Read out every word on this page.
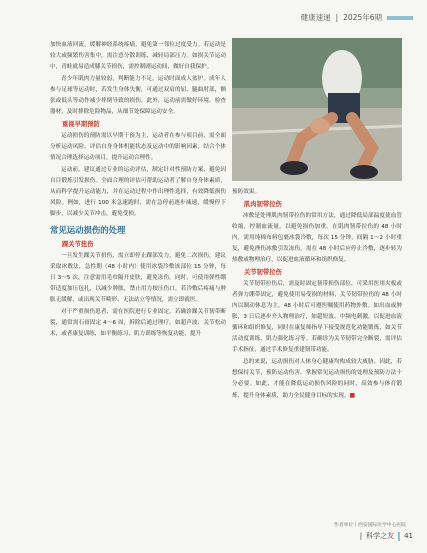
健康速递 | 2025年6期

加快血液回流，缓解神经系统疼痛，避免第一邻位过度受力。若运动是较大或频繁伤害集中，需注意分散训练，减轻局部压力。如损关节运动中，青蛙就易造成膝关节损伤，需控制剧运动间，做好自我保护。

青少年肌肉力量较弱，判断能力不足，运动时面成人盆护。成年人参与足球等运动时，若发生身体失衡，可通过双肩的屈、腿曲肘部，额张或低头等动作减少摔倒导致的损伤。此外，运动前需做好环境、检查器材，及时排除危险物品，从细节处保障运动安全。

重视早期预防

运动损伤的预防需以早期干预为主，运动者在参与项目前，需全面分析运动风险，评估自身身体机能状态及运动中的影响因素，结合个体情况合理选择运动项目，提升运动合理性。

运动前，建议通过专业的运动评估，制定针对性预防方案，避免因自目锻炼引发损伤。全面合理的评估可帮助运动者了解自身身体素质，从而科学提升运动能力，并在运动过程中作出理性选择，有效降低损伤风险。例如，进行 100 米急速跑时，需在急停前逐步减速，缓慢停下脚步，以减少关节冲击，避免受损。

常见运动损伤的处理
踝关节扭伤

一旦发生踝关节扭伤，需立即停止踝部发力，避免二次损伤，建议采取冰敷法，急性期（48 小时内）使用冰袋冷敷该部位 15 分钟，每日 3～5 次，注意需用毛巾隔开皮肤，避免冻伤。同时，可使用弹性绷带适度加压包扎，以减少肿胀，禁止用力按压伤口，若冷敷后疼痛与肿胀无缓解，或出现关节畸形、无法站立等情况，需立即就医。

对于严重损伤患者，需在医院进行专业固定，若确诊踝关节韧带断裂，通常需石膏固定 4～6 周，拆除后通过理疗，如超声波、关节松动术，或者康复训练，如平衡练习、肌力训练等恢复功能，提升

预防效果。

肌肉韧带拉伤

冰敷是处理肌肉韧带拉伤的常用方法，通过降低局部温度使血管收缩，控制血流量，以避免损伤加重。在肌肉韧带拉伤的 48 小时内，需用纯棉布料包裹冰袋冷敷，每次 15 分钟，间隔 1～2 小时重复，避免挫伤冰敷引发冻伤。需在 48 小时后应停止冷敷，逐步转为热敷或物理治疗，以促进血液循环和组织修复。

关节韧带拉伤

关节韧带拉伤后，需及时固定韧带损伤部位，可采用医用夹板或者弹力绷带固定，避免使用易受损的材料，关节韧带拉伤的 48 小时内以制动休息为主，48 小时后可遵医嘱使用药物外敷。如出血或肿胀，3 日后逐步介入物理治疗，如超短波、中频电刺激，以促进血液循环和组织修复，同时在康复师指导下接受规范化功能锻炼，如关节活动度训练、肌力强化练习等。若确诊为关节韧带完全断裂，需评估手术指征，通过手术修复重建韧带功能。

总的来说，运动损伤对人体身心健康均构成较大威胁。因此，若想保持关节，预防运动伤害，掌握常见运动损伤的处理及预防方法十分必要。如此，才能在降低运动损伤风险的同时，高效参与体育锻炼，提升身体素质，助力全民健身目标的实现。■

作者单位丨西安国际医学中心医院
| 科学之友 41
